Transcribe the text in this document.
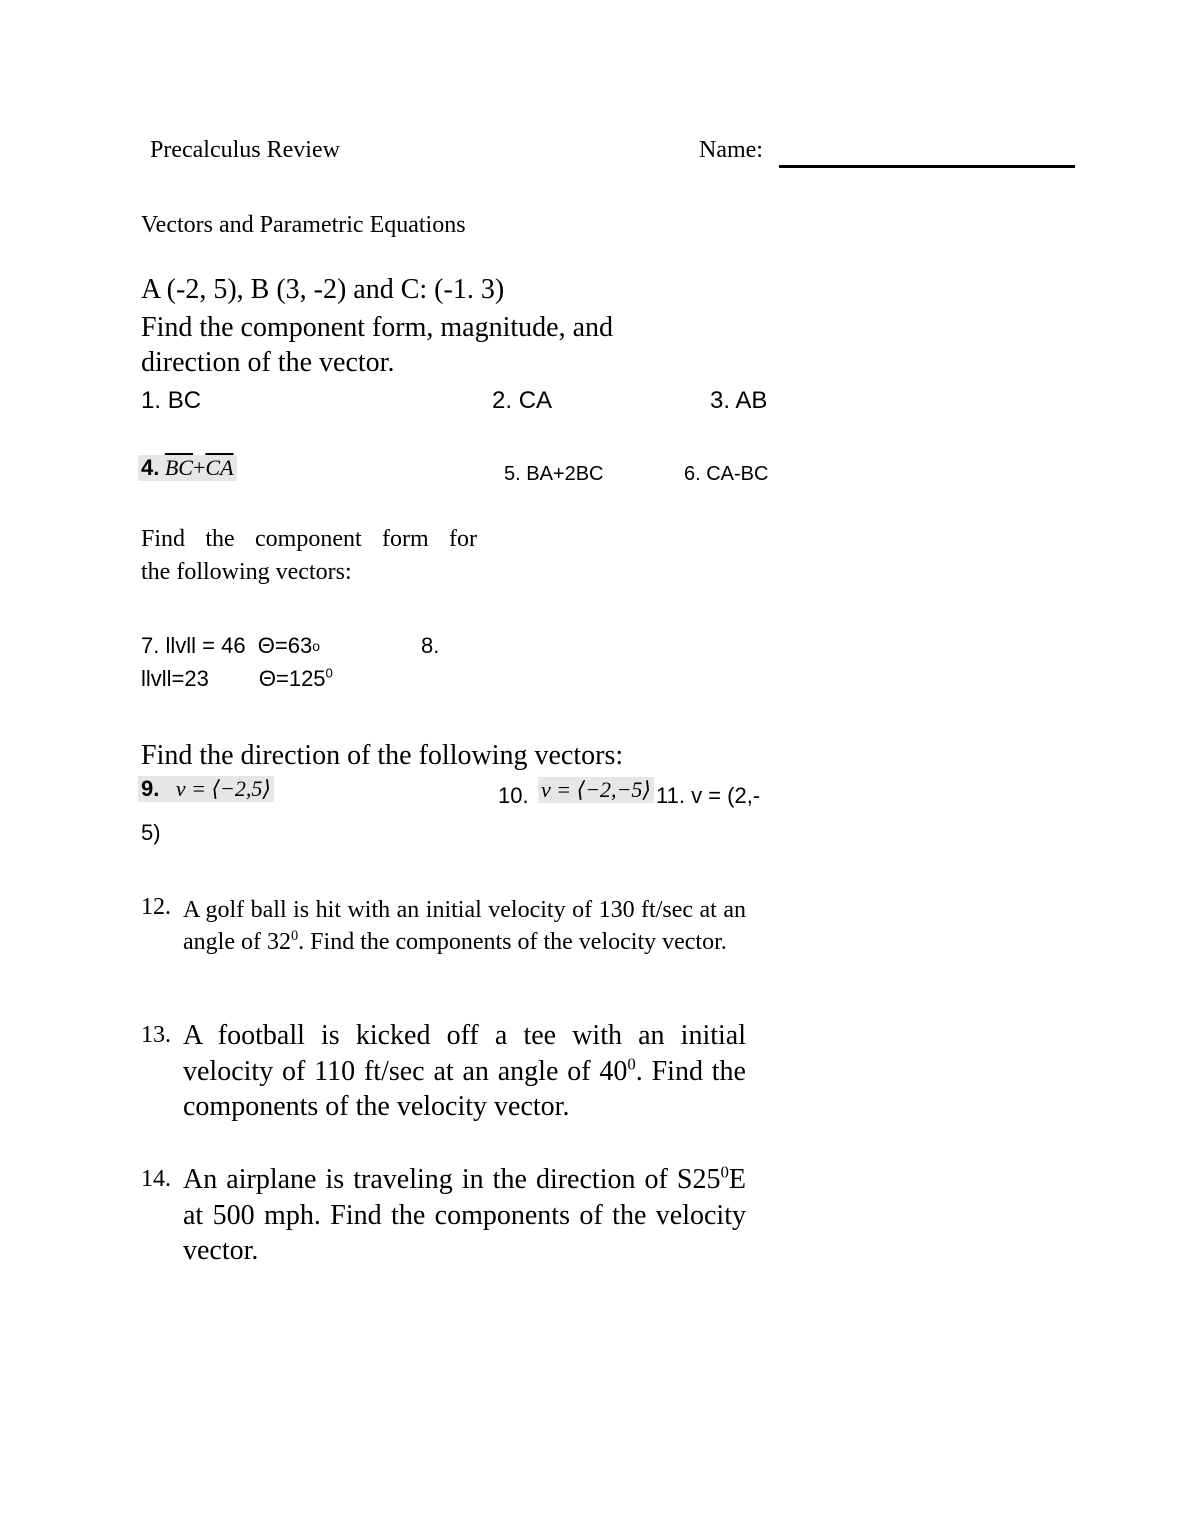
Precalculus Review	Name:
Vectors and Parametric Equations
A (-2, 5), B (3, -2) and C: (-1. 3)
Find the component form, magnitude, and
direction of the vector.
1. BC	2. CA	3. AB
4. $\overline{BC}+\overline{CA}$	5. BA+2BC	6. CA-BC
Find the component form for
the following vectors:
7. llvll = 46 Θ=63o	8.
llvll=23 $\Theta=125^0$
Find the direction of the following vectors:
9. v = ⟨−2,5⟩	10. v = ⟨−2,−5⟩ 11. v = (2,-
5)
12. A golf ball is hit with an initial velocity of 130 ft/sec at an angle of $32^0$. Find the components of the velocity vector.
13. A football is kicked off a tee with an initial velocity of 110 ft/sec at an angle of $40^0$. Find the components of the velocity vector.
14. An airplane is traveling in the direction of $S25^0E$ at 500 mph. Find the components of the velocity vector.
